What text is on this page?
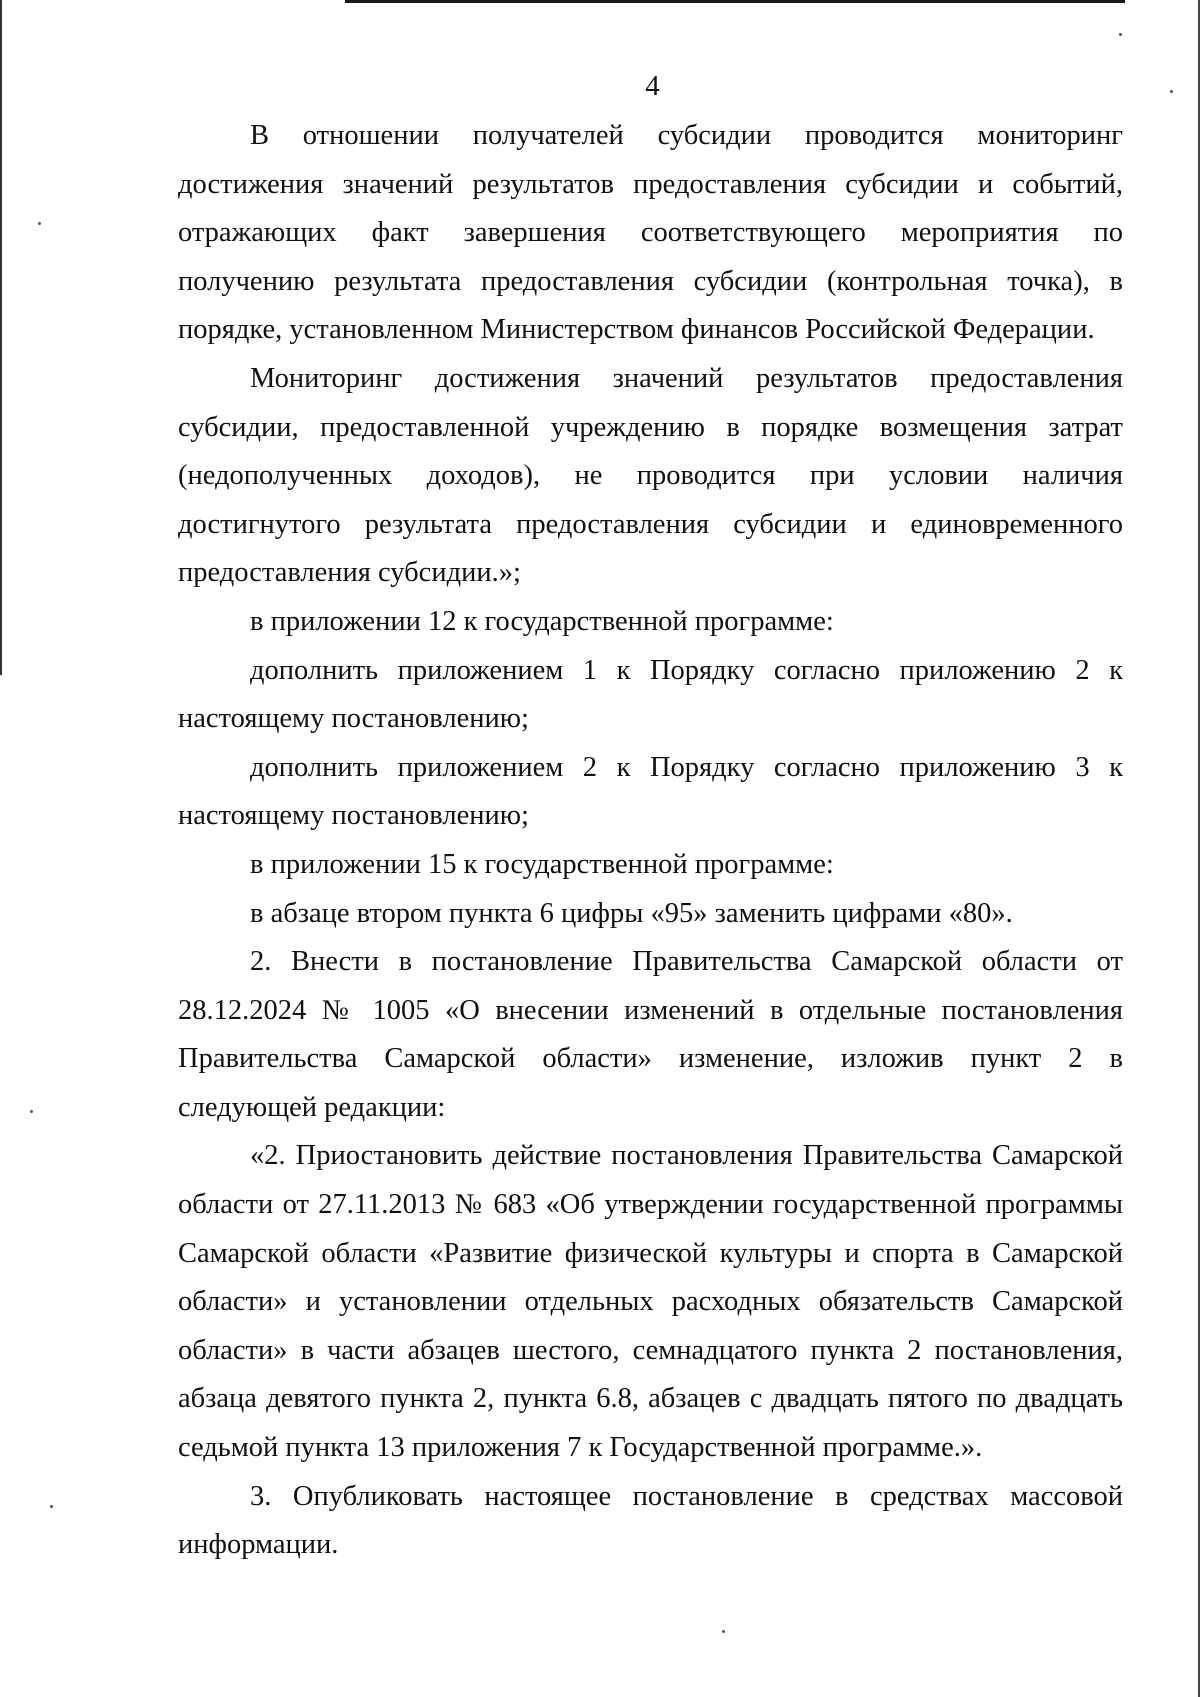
4

В отношении получателей субсидии проводится мониторинг достижения значений результатов предоставления субсидии и событий, отражающих факт завершения соответствующего мероприятия по получению результата предоставления субсидии (контрольная точка), в порядке, установленном Министерством финансов Российской Федерации.

Мониторинг достижения значений результатов предоставления субсидии, предоставленной учреждению в порядке возмещения затрат (недополученных доходов), не проводится при условии наличия достигнутого результата предоставления субсидии и единовременного предоставления субсидии.»;

в приложении 12 к государственной программе:

дополнить приложением 1 к Порядку согласно приложению 2 к настоящему постановлению;

дополнить приложением 2 к Порядку согласно приложению 3 к настоящему постановлению;

в приложении 15 к государственной программе:

в абзаце втором пункта 6 цифры «95» заменить цифрами «80».

2. Внести в постановление Правительства Самарской области от 28.12.2024 № 1005 «О внесении изменений в отдельные постановления Правительства Самарской области» изменение, изложив пункт 2 в следующей редакции:

«2. Приостановить действие постановления Правительства Самарской области от 27.11.2013 № 683 «Об утверждении государственной программы Самарской области «Развитие физической культуры и спорта в Самарской области» и установлении отдельных расходных обязательств Самарской области» в части абзацев шестого, семнадцатого пункта 2 постановления, абзаца девятого пункта 2, пункта 6.8, абзацев с двадцать пятого по двадцать седьмой пункта 13 приложения 7 к Государственной программе.».

3. Опубликовать настоящее постановление в средствах массовой информации.
